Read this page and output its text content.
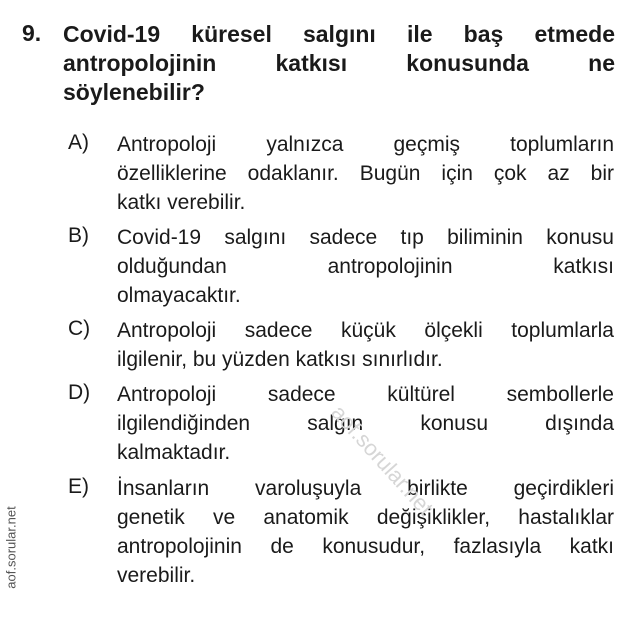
9. Covid-19 küresel salgını ile baş etmede
antropolojinin katkısı konusunda ne
söylenebilir?
A) Antropoloji yalnızca geçmiş toplumların
özelliklerine odaklanır. Bugün için çok az bir
katkı verebilir.
B) Covid-19 salgını sadece tıp biliminin konusu
olduğundan antropolojinin katkısı
olmayacaktır.
C) Antropoloji sadece küçük ölçekli toplumlarla
ilgilenir, bu yüzden katkısı sınırlıdır.
D) Antropoloji sadece kültürel sembollerle
ilgilendiğinden salgın konusu dışında
kalmaktadır.
E) İnsanların varoluşuyla birlikte geçirdikleri
genetik ve anatomik değişiklikler, hastalıklar
antropolojinin de konusudur, fazlasıyla katkı
verebilir.
aof.sorular.net
aof.sorular.net
